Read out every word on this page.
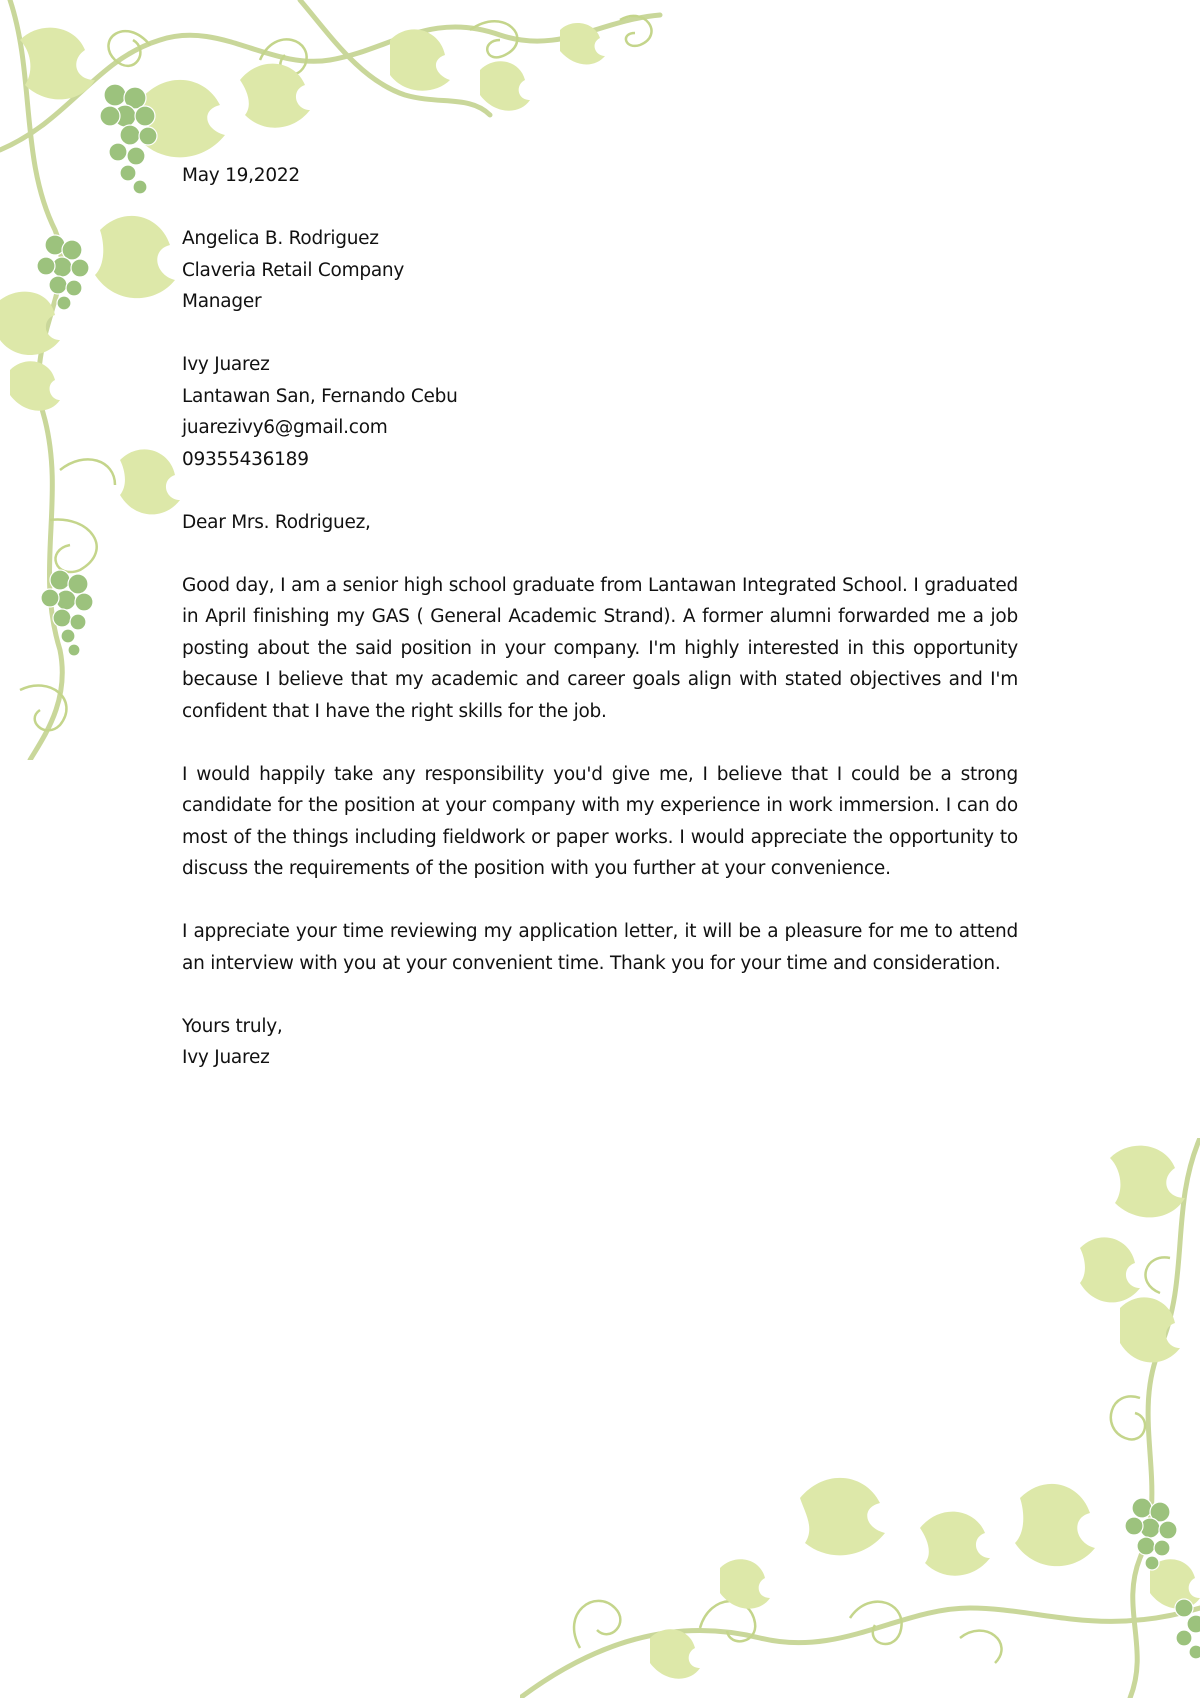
May 19,2022
Angelica B. Rodriguez
Claveria Retail Company
Manager
Ivy Juarez
Lantawan San, Fernando Cebu
juarezivy6@gmail.com
09355436189
Dear Mrs. Rodriguez,

Good day, I am a senior high school graduate from Lantawan Integrated School. I graduated in April finishing my GAS ( General Academic Strand). A former alumni forwarded me a job posting about the said position in your company. I'm highly interested in this opportunity because I believe that my academic and career goals align with stated objectives and I'm confident that I have the right skills for the job.

I would happily take any responsibility you'd give me, I believe that I could be a strong candidate for the position at your company with my experience in work immersion. I can do most of the things including fieldwork or paper works. I would appreciate the opportunity to discuss the requirements of the position with you further at your convenience.

I appreciate your time reviewing my application letter, it will be a pleasure for me to attend an interview with you at your convenient time. Thank you for your time and consideration.

Yours truly,
Ivy Juarez
